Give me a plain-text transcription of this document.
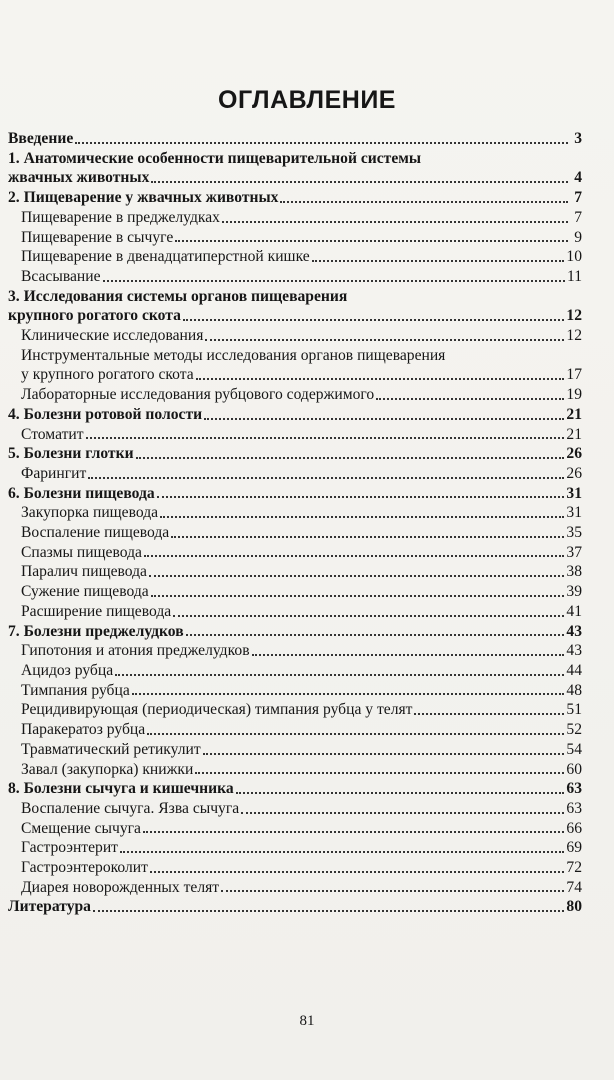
ОГЛАВЛЕНИЕ
Введение	3
1. Анатомические особенности пищеварительной системы
жвачных животных	4
2. Пищеварение у жвачных животных	7
Пищеварение в преджелудках	7
Пищеварение в сычуге	9
Пищеварение в двенадцатиперстной кишке	10
Всасывание	11
3. Исследования системы органов пищеварения
крупного рогатого скота	12
Клинические исследования	12
Инструментальные методы исследования органов пищеварения
у крупного рогатого скота	17
Лабораторные исследования рубцового содержимого	19
4. Болезни ротовой полости	21
Стоматит	21
5. Болезни глотки	26
Фарингит	26
6. Болезни пищевода	31
Закупорка пищевода	31
Воспаление пищевода	35
Спазмы пищевода	37
Паралич пищевода	38
Сужение пищевода	39
Расширение пищевода	41
7. Болезни преджелудков	43
Гипотония и атония преджелудков	43
Ацидоз рубца	44
Тимпания рубца	48
Рецидивирующая (периодическая) тимпания рубца у телят	51
Паракератоз рубца	52
Травматический ретикулит	54
Завал (закупорка) книжки	60
8. Болезни сычуга и кишечника	63
Воспаление сычуга. Язва сычуга	63
Смещение сычуга	66
Гастроэнтерит	69
Гастроэнтероколит	72
Диарея новорожденных телят	74
Литература	80
81
